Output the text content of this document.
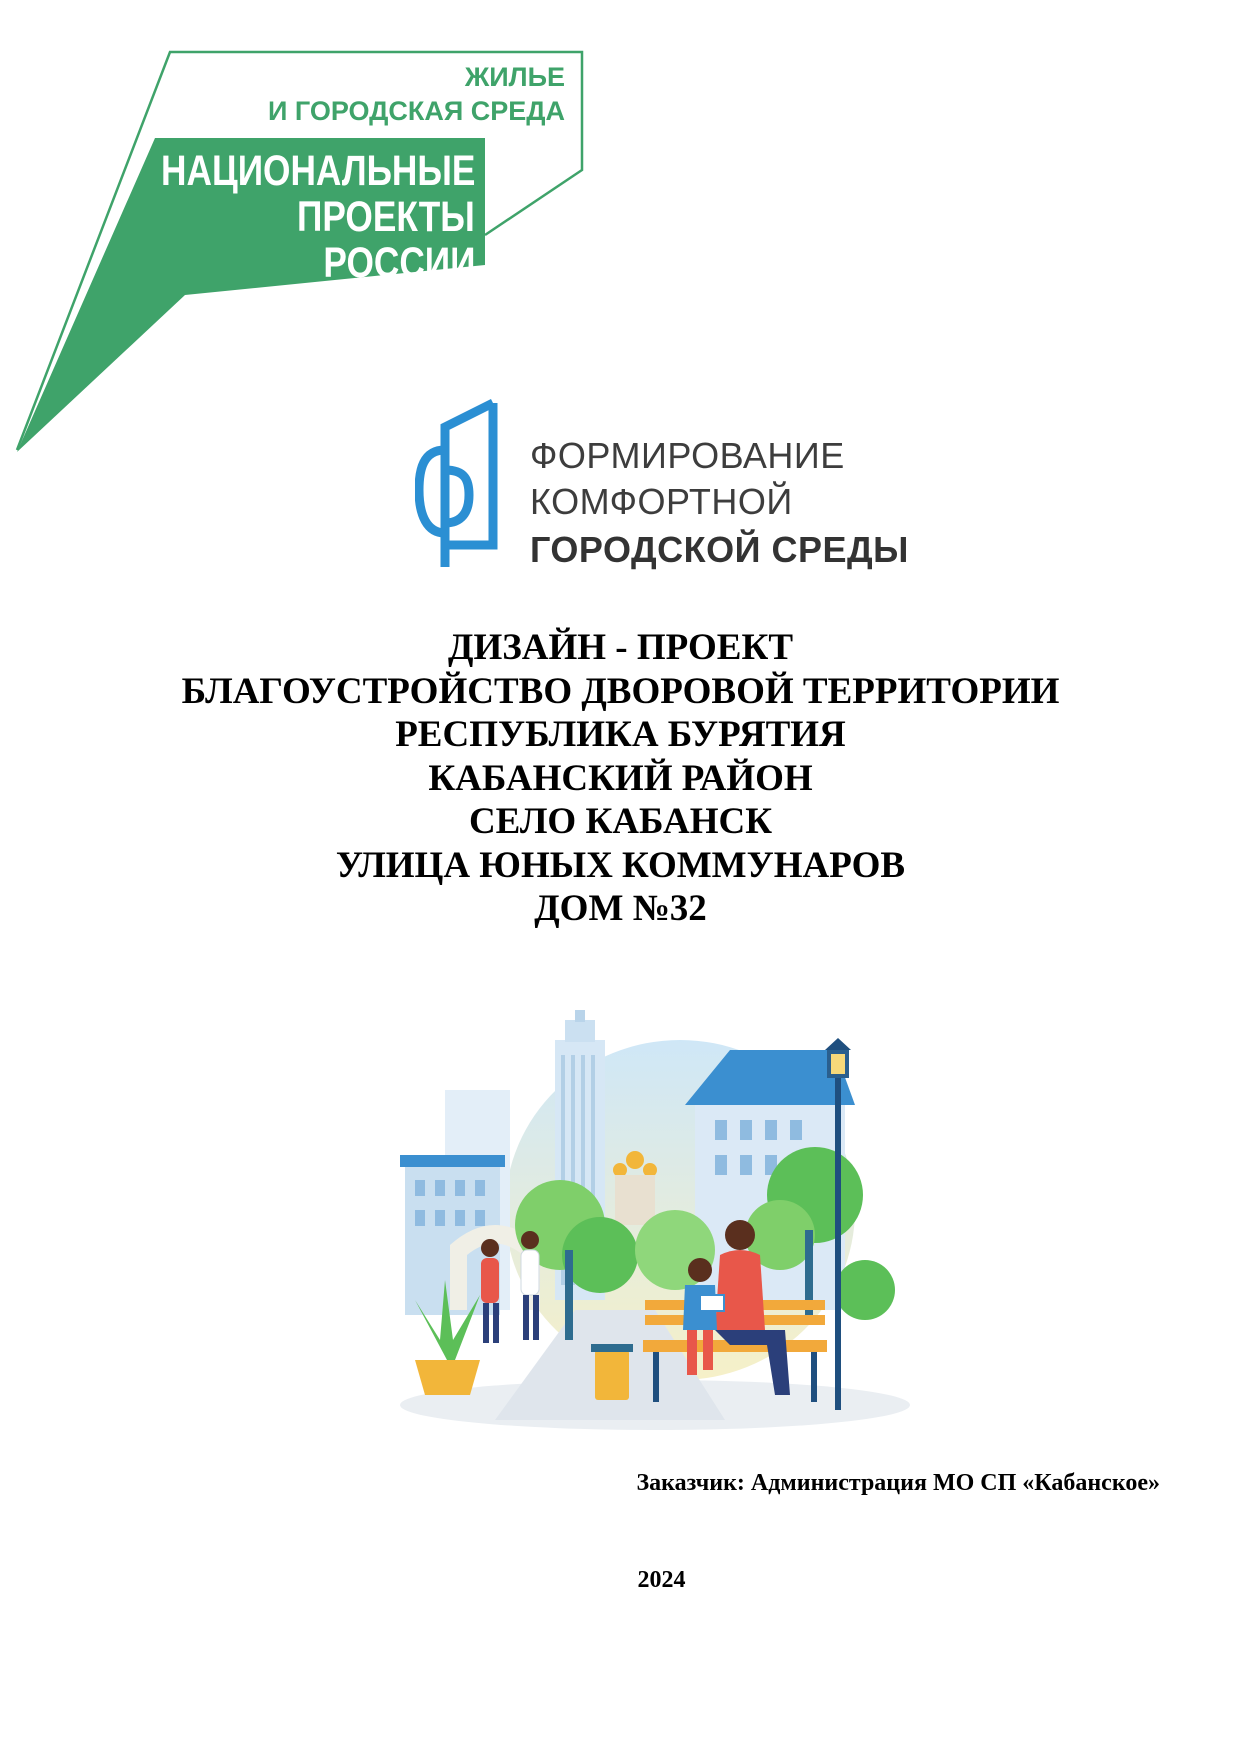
ЖИЛЬЕ
И ГОРОДСКАЯ СРЕДА
НАЦИОНАЛЬНЫЕ
ПРОЕКТЫ
РОССИИ
ФОРМИРОВАНИЕ
КОМФОРТНОЙ
ГОРОДСКОЙ СРЕДЫ
ДИЗАЙН - ПРОЕКТ
БЛАГОУСТРОЙСТВО ДВОРОВОЙ ТЕРРИТОРИИ
РЕСПУБЛИКА БУРЯТИЯ
КАБАНСКИЙ РАЙОН
СЕЛО КАБАНСК
УЛИЦА ЮНЫХ КОММУНАРОВ
ДОМ №32
Заказчик: Администрация МО СП «Кабанское»
2024
